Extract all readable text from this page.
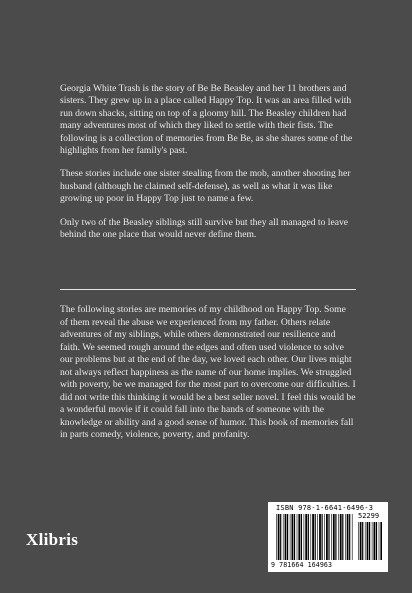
Georgia White Trash is the story of Be Be Beasley and her 11 brothers and sisters. They grew up in a place called Happy Top. It was an area filled with run down shacks, sitting on top of a gloomy hill. The Beasley children had many adventures most of which they liked to settle with their fists. The following is a collection of memories from Be Be, as she shares some of the highlights from her family's past.

These stories include one sister stealing from the mob, another shooting her husband (although he claimed self-defense), as well as what it was like growing up poor in Happy Top just to name a few.

Only two of the Beasley siblings still survive but they all managed to leave behind the one place that would never define them.

The following stories are memories of my childhood on Happy Top. Some of them reveal the abuse we experienced from my father. Others relate adventures of my siblings, while others demonstrated our resilience and faith. We seemed rough around the edges and often used violence to solve our problems but at the end of the day, we loved each other. Our lives might not always reflect happiness as the name of our home implies. We struggled with poverty, be we managed for the most part to overcome our difficulties. I did not write this thinking it would be a best seller novel. I feel this would be a wonderful movie if it could fall into the hands of someone with the knowledge or ability and a good sense of humor. This book of memories fall in parts comedy, violence, poverty, and profanity.

Xlibris
ISBN 978-1-6641-6496-3
52299
9 781664 164963
